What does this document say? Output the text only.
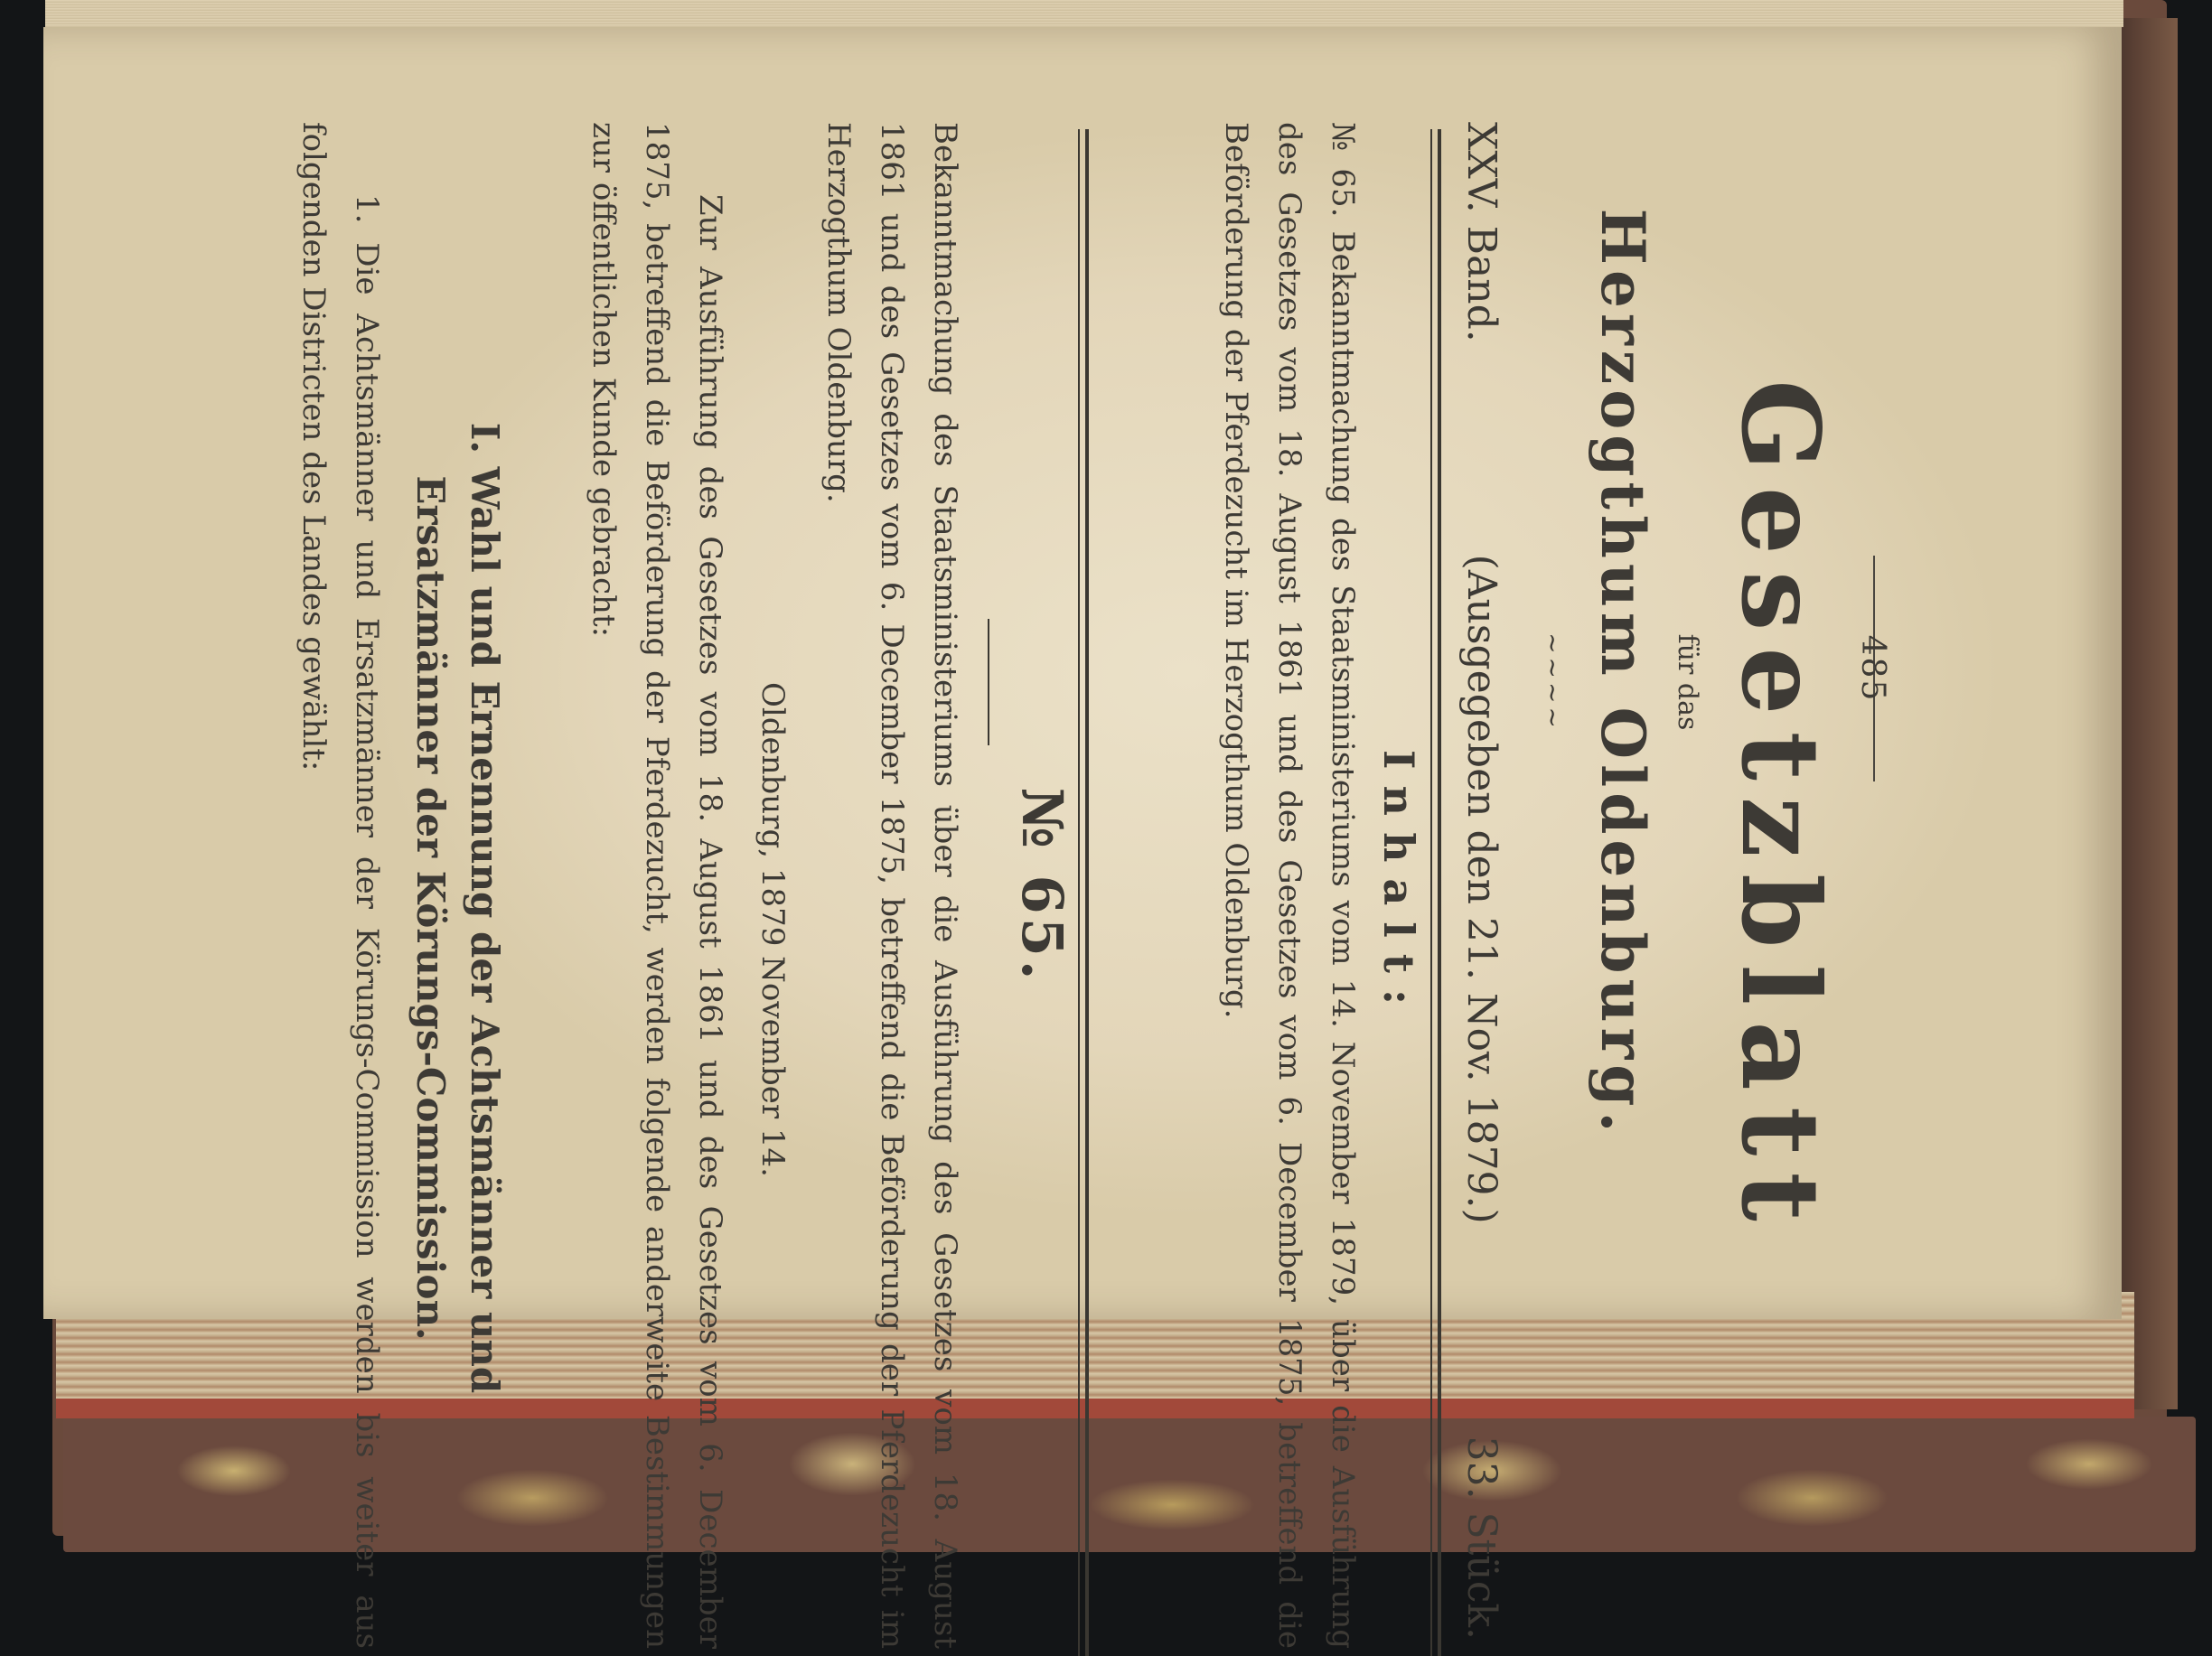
485
Gesetzblatt
für das
Herzogthum Oldenburg.
~~~~
XXV. Band.
(Ausgegeben den 21. Nov. 1879.)
33. Stück.
Inhalt:
№ 65. Bekanntmachung des Staatsministeriums vom 14. November 1879, über die Ausführung des Gesetzes vom 18. August 1861 und des Gesetzes vom 6. December 1875, betreffend die Beförderung der Pferdezucht im Herzogthum Oldenburg.
№ 65.
Bekanntmachung des Staatsministeriums über die Ausführung des Gesetzes vom 18. August 1861 und des Gesetzes vom 6. December 1875, betreffend die Beförderung der Pferdezucht im Herzogthum Oldenburg.
Oldenburg, 1879 November 14.
Zur Ausführung des Gesetzes vom 18. August 1861 und des Gesetzes vom 6. December 1875, betreffend die Beförderung der Pferdezucht, werden folgende anderweite Bestimmungen zur öffentlichen Kunde gebracht:
I. Wahl und Ernennung der Achtsmänner und
Ersatzmänner der Körungs-Commission.
1. Die Achtsmänner und Ersatzmänner der Körungs-Commission werden bis weiter aus folgenden Districten des Landes gewählt:
